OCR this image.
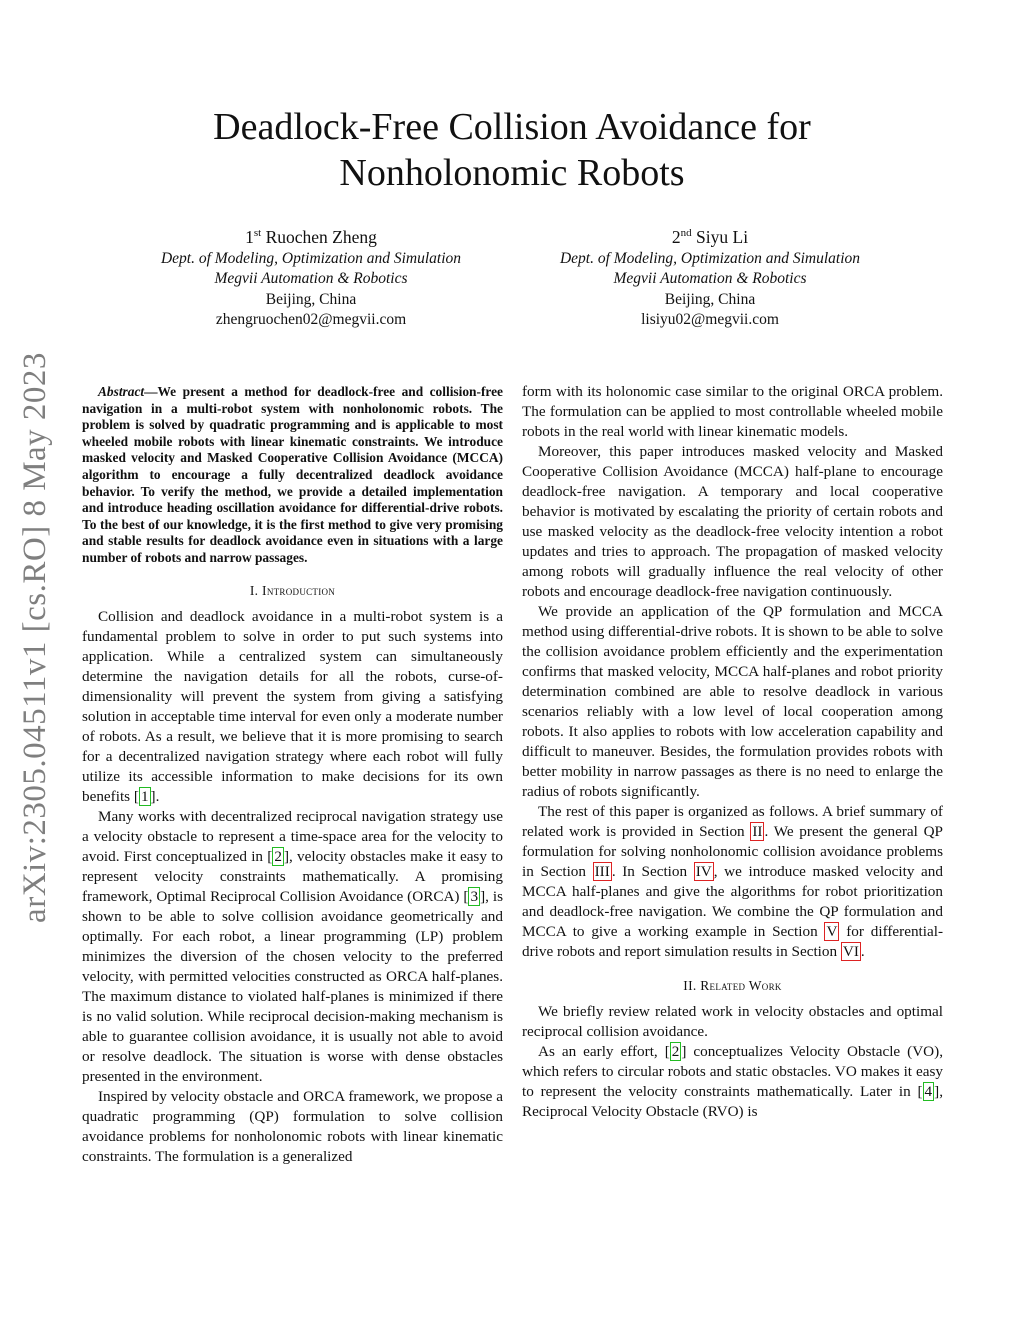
arXiv:2305.04511v1 [cs.RO] 8 May 2023
Deadlock-Free Collision Avoidance for
Nonholonomic Robots
1st Ruochen Zheng
Dept. of Modeling, Optimization and Simulation
Megvii Automation & Robotics
Beijing, China
zhengruochen02@megvii.com
2nd Siyu Li
Dept. of Modeling, Optimization and Simulation
Megvii Automation & Robotics
Beijing, China
lisiyu02@megvii.com

Abstract—We present a method for deadlock-free and collision-free navigation in a multi-robot system with nonholonomic robots. The problem is solved by quadratic programming and is applicable to most wheeled mobile robots with linear kinematic constraints. We introduce masked velocity and Masked Cooperative Collision Avoidance (MCCA) algorithm to encourage a fully decentralized deadlock avoidance behavior. To verify the method, we provide a detailed implementation and introduce heading oscillation avoidance for differential-drive robots. To the best of our knowledge, it is the first method to give very promising and stable results for deadlock avoidance even in situations with a large number of robots and narrow passages.

I. Introduction

Collision and deadlock avoidance in a multi-robot system is a fundamental problem to solve in order to put such systems into application. While a centralized system can simultaneously determine the navigation details for all the robots, curse-of-dimensionality will prevent the system from giving a satisfying solution in acceptable time interval for even only a moderate number of robots. As a result, we believe that it is more promising to search for a decentralized navigation strategy where each robot will fully utilize its accessible information to make decisions for its own benefits [ 1 ].

Many works with decentralized reciprocal navigation strategy use a velocity obstacle to represent a time-space area for the velocity to avoid. First conceptualized in [ 2 ], velocity obstacles make it easy to represent velocity constraints mathematically. A promising framework, Optimal Reciprocal Collision Avoidance (ORCA) [ 3 ], is shown to be able to solve collision avoidance geometrically and optimally. For each robot, a linear programming (LP) problem minimizes the diversion of the chosen velocity to the preferred velocity, with permitted velocities constructed as ORCA half-planes. The maximum distance to violated half-planes is minimized if there is no valid solution. While reciprocal decision-making mechanism is able to guarantee collision avoidance, it is usually not able to avoid or resolve deadlock. The situation is worse with dense obstacles presented in the environment.

Inspired by velocity obstacle and ORCA framework, we propose a quadratic programming (QP) formulation to solve collision avoidance problems for nonholonomic robots with linear kinematic constraints. The formulation is a generalized

form with its holonomic case similar to the original ORCA problem. The formulation can be applied to most controllable wheeled mobile robots in the real world with linear kinematic models.

Moreover, this paper introduces masked velocity and Masked Cooperative Collision Avoidance (MCCA) half-plane to encourage deadlock-free navigation. A temporary and local cooperative behavior is motivated by escalating the priority of certain robots and use masked velocity as the deadlock-free velocity intention a robot updates and tries to approach. The propagation of masked velocity among robots will gradually influence the real velocity of other robots and encourage deadlock-free navigation continuously.

We provide an application of the QP formulation and MCCA method using differential-drive robots. It is shown to be able to solve the collision avoidance problem efficiently and the experimentation confirms that masked velocity, MCCA half-planes and robot priority determination combined are able to resolve deadlock in various scenarios reliably with a low level of local cooperation among robots. It also applies to robots with low acceleration capability and difficult to maneuver. Besides, the formulation provides robots with better mobility in narrow passages as there is no need to enlarge the radius of robots significantly.

The rest of this paper is organized as follows. A brief summary of related work is provided in Section II . We present the general QP formulation for solving nonholonomic collision avoidance problems in Section III . In Section IV , we introduce masked velocity and MCCA half-planes and give the algorithms for robot prioritization and deadlock-free navigation. We combine the QP formulation and MCCA to give a working example in Section V for differential-drive robots and report simulation results in Section VI .

II. Related Work

We briefly review related work in velocity obstacles and optimal reciprocal collision avoidance.

As an early effort, [ 2 ] conceptualizes Velocity Obstacle (VO), which refers to circular robots and static obstacles. VO makes it easy to represent the velocity constraints mathematically. Later in [ 4 ], Reciprocal Velocity Obstacle (RVO) is
